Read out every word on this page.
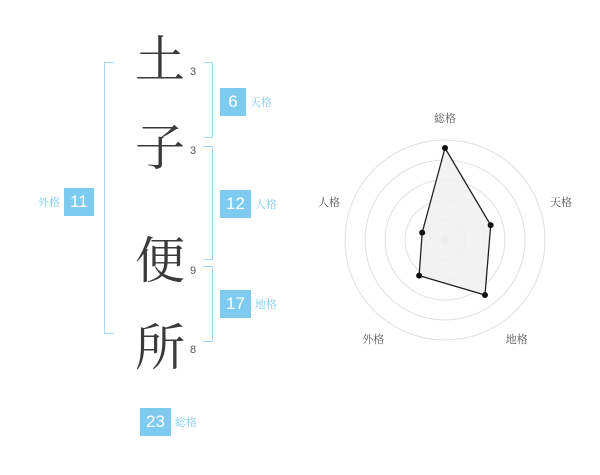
土
子
便
所
3
3
9
8
6	天格
12 人格
17 地格
外格 11
23 総格
総格
天格
地格
外格
人格
